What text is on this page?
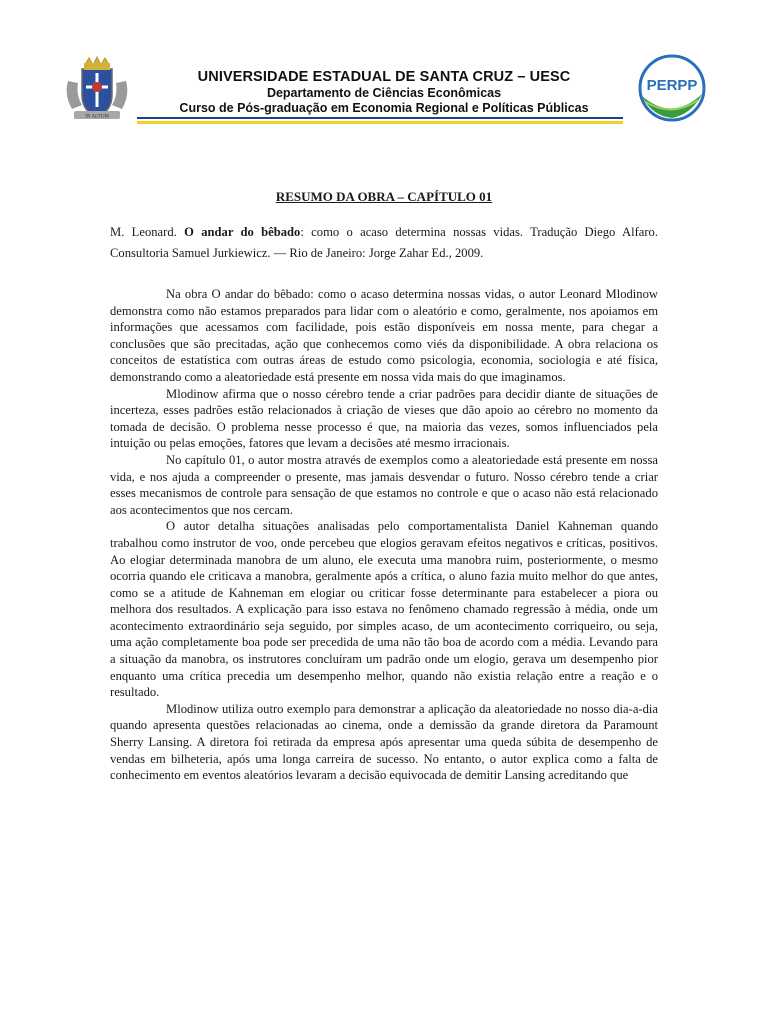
IN ALTUM
UNIVERSIDADE ESTADUAL DE SANTA CRUZ – UESC
Departamento de Ciências Econômicas
Curso de Pós-graduação em Economia Regional e Políticas Públicas
PERPP
RESUMO DA OBRA – CAPÍTULO 01

M. Leonard. O andar do bêbado: como o acaso determina nossas vidas. Tradução Diego Alfaro. Consultoria Samuel Jurkiewicz. — Rio de Janeiro: Jorge Zahar Ed., 2009.

Na obra O andar do bêbado: como o acaso determina nossas vidas, o autor Leonard Mlodinow demonstra como não estamos preparados para lidar com o aleatório e como, geralmente, nos apoiamos em informações que acessamos com facilidade, pois estão disponíveis em nossa mente, para chegar a conclusões que são precitadas, ação que conhecemos como viés da disponibilidade. A obra relaciona os conceitos de estatística com outras áreas de estudo como psicologia, economia, sociologia e até física, demonstrando como a aleatoriedade está presente em nossa vida mais do que imaginamos.

Mlodinow afirma que o nosso cérebro tende a criar padrões para decidir diante de situações de incerteza, esses padrões estão relacionados à criação de vieses que dão apoio ao cérebro no momento da tomada de decisão. O problema nesse processo é que, na maioria das vezes, somos influenciados pela intuição ou pelas emoções, fatores que levam a decisões até mesmo irracionais.

No capítulo 01, o autor mostra através de exemplos como a aleatoriedade está presente em nossa vida, e nos ajuda a compreender o presente, mas jamais desvendar o futuro. Nosso cérebro tende a criar esses mecanismos de controle para sensação de que estamos no controle e que o acaso não está relacionado aos acontecimentos que nos cercam.

O autor detalha situações analisadas pelo comportamentalista Daniel Kahneman quando trabalhou como instrutor de voo, onde percebeu que elogios geravam efeitos negativos e críticas, positivos. Ao elogiar determinada manobra de um aluno, ele executa uma manobra ruim, posteriormente, o mesmo ocorria quando ele criticava a manobra, geralmente após a crítica, o aluno fazia muito melhor do que antes, como se a atitude de Kahneman em elogiar ou criticar fosse determinante para estabelecer a piora ou melhora dos resultados. A explicação para isso estava no fenômeno chamado regressão à média, onde um acontecimento extraordinário seja seguido, por simples acaso, de um acontecimento corriqueiro, ou seja, uma ação completamente boa pode ser precedida de uma não tão boa de acordo com a média. Levando para a situação da manobra, os instrutores concluíram um padrão onde um elogio, gerava um desempenho pior enquanto uma crítica precedia um desempenho melhor, quando não existia relação entre a reação e o resultado.

Mlodinow utiliza outro exemplo para demonstrar a aplicação da aleatoriedade no nosso dia-a-dia quando apresenta questões relacionadas ao cinema, onde a demissão da grande diretora da Paramount Sherry Lansing. A diretora foi retirada da empresa após apresentar uma queda súbita de desempenho de vendas em bilheteria, após uma longa carreira de sucesso. No entanto, o autor explica como a falta de conhecimento em eventos aleatórios levaram a decisão equivocada de demitir Lansing acreditando que
